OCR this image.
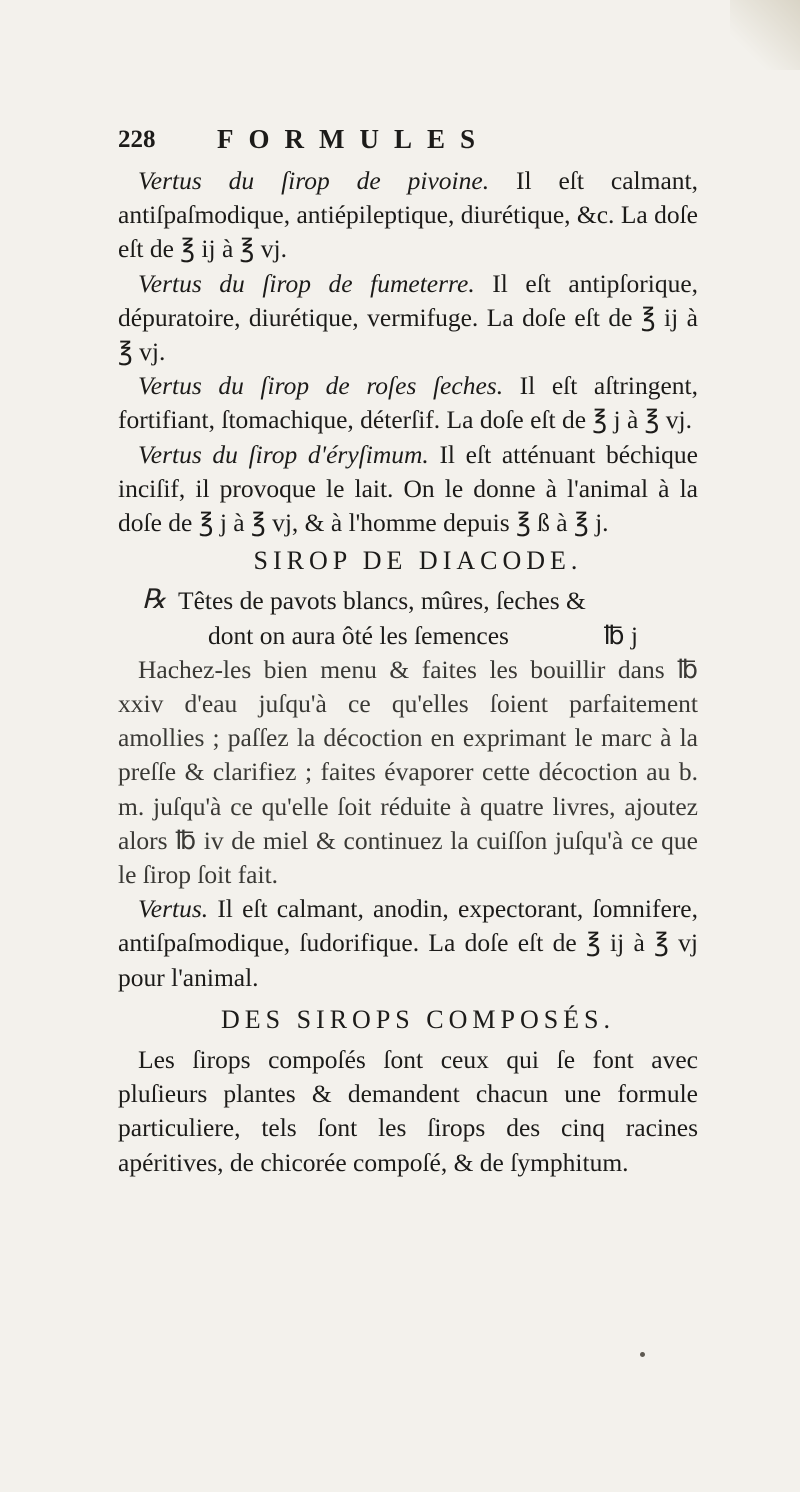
228 FORMULES

Vertus du ſirop de pivoine. Il eſt calmant, antiſpaſmodique, antiépileptique, diurétique, &c. La doſe eſt de ℥ ij à ℥ vj.

Vertus du ſirop de fumeterre. Il eſt antipſorique, dépuratoire, diurétique, vermifuge. La doſe eſt de ℥ ij à ℥ vj.

Vertus du ſirop de roſes ſeches. Il eſt aſtringent, fortifiant, ſtomachique, déterſif. La doſe eſt de ℥ j à ℥ vj.

Vertus du ſirop d'éryſimum. Il eſt atténuant béchique inciſif, il provoque le lait. On le donne à l'animal à la doſe de ℥ j à ℥ vj, & à l'homme depuis ℥ ß à ℥ j.

SIROP DE DIACODE.
℞ Têtes de pavots blancs, mûres, ſeches &
dont on aura ôté les ſemences	℔ j

Hachez-les bien menu & faites les bouillir dans ℔ xxiv d'eau juſqu'à ce qu'elles ſoient parfaitement amollies ; paſſez la décoction en exprimant le marc à la preſſe & clarifiez ; faites évaporer cette décoction au b. m. juſqu'à ce qu'elle ſoit réduite à quatre livres, ajoutez alors ℔ iv de miel & continuez la cuiſſon juſqu'à ce que le ſirop ſoit fait.

Vertus. Il eſt calmant, anodin, expectorant, ſomnifere, antiſpaſmodique, ſudorifique. La doſe eſt de ℥ ij à ℥ vj pour l'animal.

DES SIROPS COMPOSÉS.

Les ſirops compoſés ſont ceux qui ſe font avec pluſieurs plantes & demandent chacun une formule particuliere, tels ſont les ſirops des cinq racines apéritives, de chicorée compoſé, & de ſymphitum.
